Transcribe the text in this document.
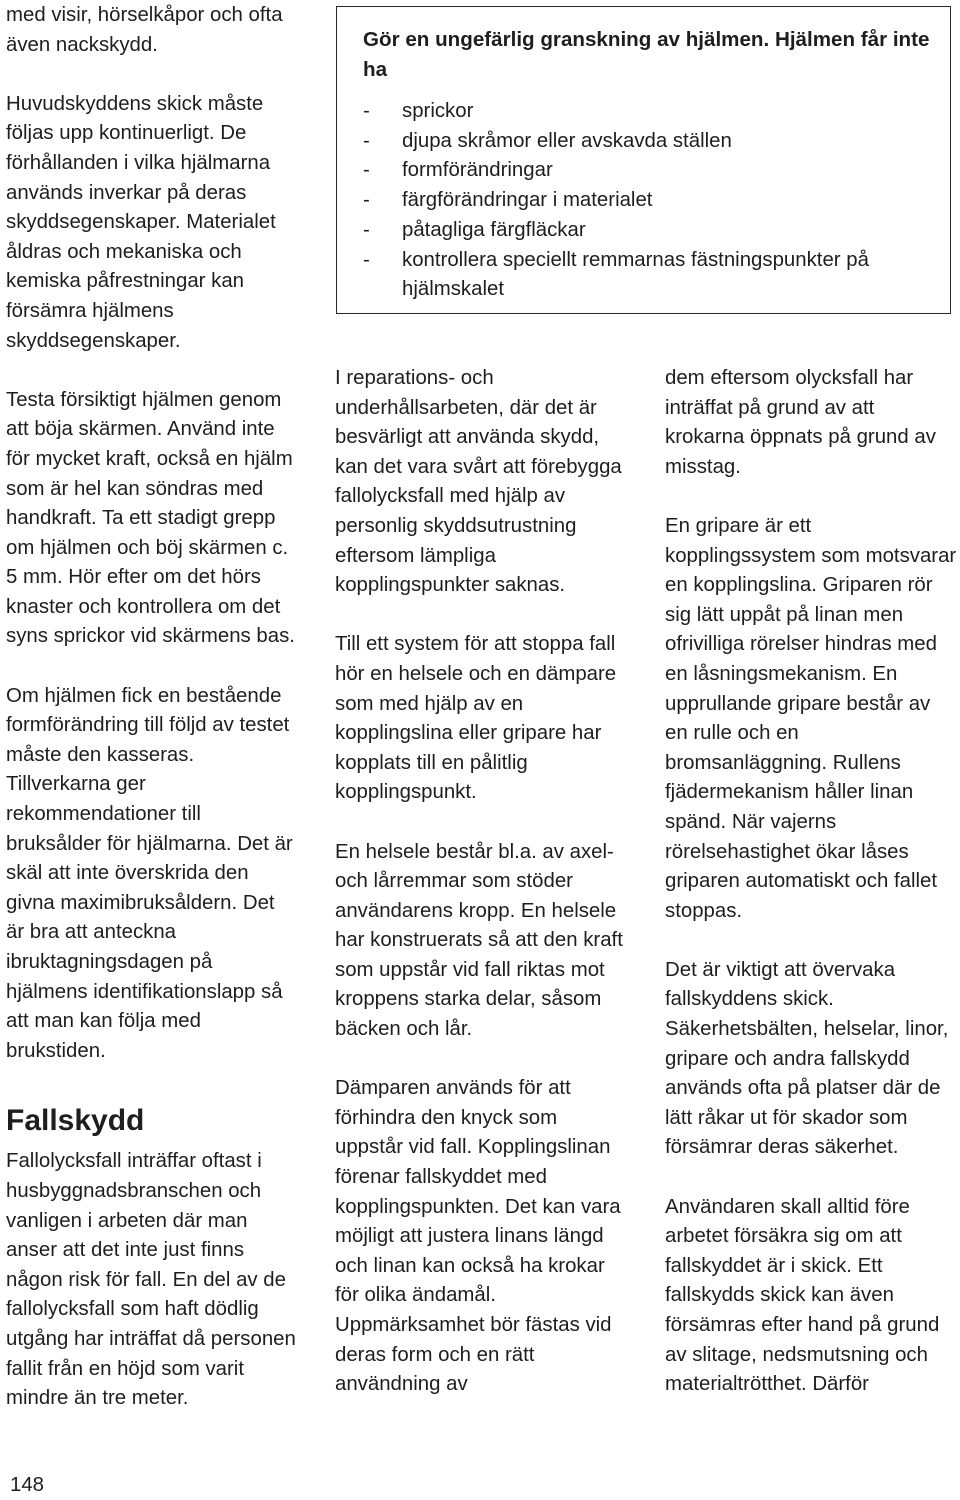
med visir, hörselkåpor och ofta även nackskydd.

Huvudskyddens skick måste följas upp kontinuerligt. De förhållanden i vilka hjälmarna används inverkar på deras skyddsegenskaper. Materialet åldras och mekaniska och kemiska påfrestningar kan försämra hjälmens skyddsegenskaper.

Testa försiktigt hjälmen genom att böja skärmen. Använd inte för mycket kraft, också en hjälm som är hel kan söndras med handkraft. Ta ett stadigt grepp om hjälmen och böj skärmen c. 5 mm. Hör efter om det hörs knaster och kontrollera om det syns sprickor vid skärmens bas.

Om hjälmen fick en bestående formförändring till följd av testet måste den kasseras. Tillverkarna ger rekommendationer till bruksålder för hjälmarna. Det är skäl att inte överskrida den givna maximibruksåldern. Det är bra att anteckna ibruktagningsdagen på hjälmens identifikationslapp så att man kan följa med brukstiden.

Fallskydd

Fallolycksfall inträffar oftast i husbyggnadsbranschen och vanligen i arbeten där man anser att det inte just finns någon risk för fall. En del av de fallolycksfall som haft dödlig utgång har inträffat då personen fallit från en höjd som varit mindre än tre meter.

Gör en ungefärlig granskning av hjälmen. Hjälmen får inte ha
- sprickor
- djupa skråmor eller avskavda ställen
- formförändringar
- färgförändringar i materialet
- påtagliga färgfläckar
- kontrollera speciellt remmarnas fästningspunkter på hjälmskalet

I reparations- och underhållsarbeten, där det är besvärligt att använda skydd, kan det vara svårt att förebygga fallolycksfall med hjälp av personlig skyddsutrustning eftersom lämpliga kopplingspunkter saknas.

Till ett system för att stoppa fall hör en helsele och en dämpare som med hjälp av en kopplingslina eller gripare har kopplats till en pålitlig kopplingspunkt.

En helsele består bl.a. av axel- och lårremmar som stöder användarens kropp. En helsele har konstruerats så att den kraft som uppstår vid fall riktas mot kroppens starka delar, såsom bäcken och lår.

Dämparen används för att förhindra den knyck som uppstår vid fall. Kopplingslinan förenar fallskyddet med kopplingspunkten. Det kan vara möjligt att justera linans längd och linan kan också ha krokar för olika ändamål. Uppmärksamhet bör fästas vid deras form och en rätt användning av

dem eftersom olycksfall har inträffat på grund av att krokarna öppnats på grund av misstag.

En gripare är ett kopplingssystem som motsvarar en kopplingslina. Griparen rör sig lätt uppåt på linan men ofrivilliga rörelser hindras med en låsningsmekanism. En upprullande gripare består av en rulle och en bromsanläggning. Rullens fjädermekanism håller linan spänd. När vajerns rörelsehastighet ökar låses griparen automatiskt och fallet stoppas.

Det är viktigt att övervaka fallskyddens skick. Säkerhetsbälten, helselar, linor, gripare och andra fallskydd används ofta på platser där de lätt råkar ut för skador som försämrar deras säkerhet.

Användaren skall alltid före arbetet försäkra sig om att fallskyddet är i skick. Ett fallskydds skick kan även försämras efter hand på grund av slitage, nedsmutsning och materialtrötthet. Därför

148
